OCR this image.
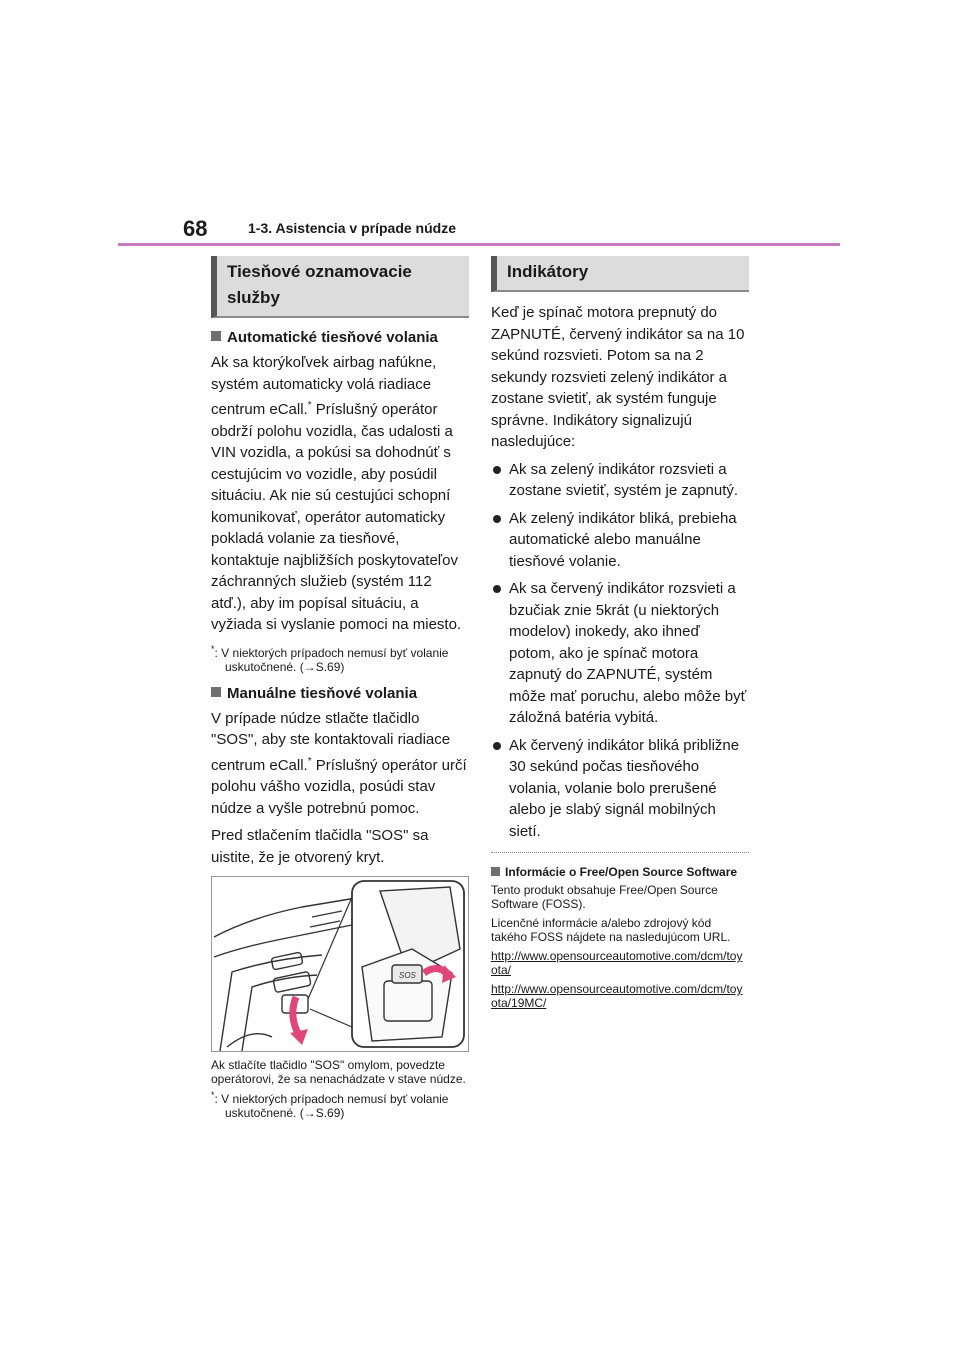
68	1-3. Asistencia v prípade núdze
Tiesňové oznamovacie služby
Automatické tiesňové volania

Ak sa ktorýkoľvek airbag nafúkne, systém automaticky volá riadiace centrum eCall.* Príslušný operátor obdrží polohu vozidla, čas udalosti a VIN vozidla, a pokúsi sa dohodnúť s cestujúcim vo vozidle, aby posúdil situáciu. Ak nie sú cestujúci schopní komunikovať, operátor automaticky pokladá volanie za tiesňové, kontaktuje najbližších poskytovateľov záchranných služieb (systém 112 atď.), aby im popísal situáciu, a vyžiada si vyslanie pomoci na miesto.

*: V niektorých prípadoch nemusí byť volanie uskutočnené. (→S.69)

Manuálne tiesňové volania

V prípade núdze stlačte tlačidlo "SOS", aby ste kontaktovali riadiace centrum eCall.* Príslušný operátor určí polohu vášho vozidla, posúdi stav núdze a vyšle potrebnú pomoc.

Pred stlačením tlačidla "SOS" sa uistite, že je otvorený kryt.

SOS

Ak stlačíte tlačidlo "SOS" omylom, povedzte operátorovi, že sa nenachádzate v stave núdze.

*: V niektorých prípadoch nemusí byť volanie uskutočnené. (→S.69)

Indikátory

Keď je spínač motora prepnutý do ZAPNUTÉ, červený indikátor sa na 10 sekúnd rozsvieti. Potom sa na 2 sekundy rozsvieti zelený indikátor a zostane svietiť, ak systém funguje správne. Indikátory signalizujú nasledujúce:

Ak sa zelený indikátor rozsvieti a zostane svietiť, systém je zapnutý.
Ak zelený indikátor bliká, prebieha automatické alebo manuálne tiesňové volanie.
Ak sa červený indikátor rozsvieti a bzučiak znie 5krát (u niektorých modelov) inokedy, ako ihneď potom, ako je spínač motora zapnutý do ZAPNUTÉ, systém môže mať poruchu, alebo môže byť záložná batéria vybitá.
Ak červený indikátor bliká približne 30 sekúnd počas tiesňového volania, volanie bolo prerušené alebo je slabý signál mobilných sietí.
Informácie o Free/Open Source Software

Tento produkt obsahuje Free/Open Source Software (FOSS).

Licenčné informácie a/alebo zdrojový kód takého FOSS nájdete na nasledujúcom URL.

http://www.opensourceautomotive.com/dcm/toyota/
http://www.opensourceautomotive.com/dcm/toyota/19MC/
